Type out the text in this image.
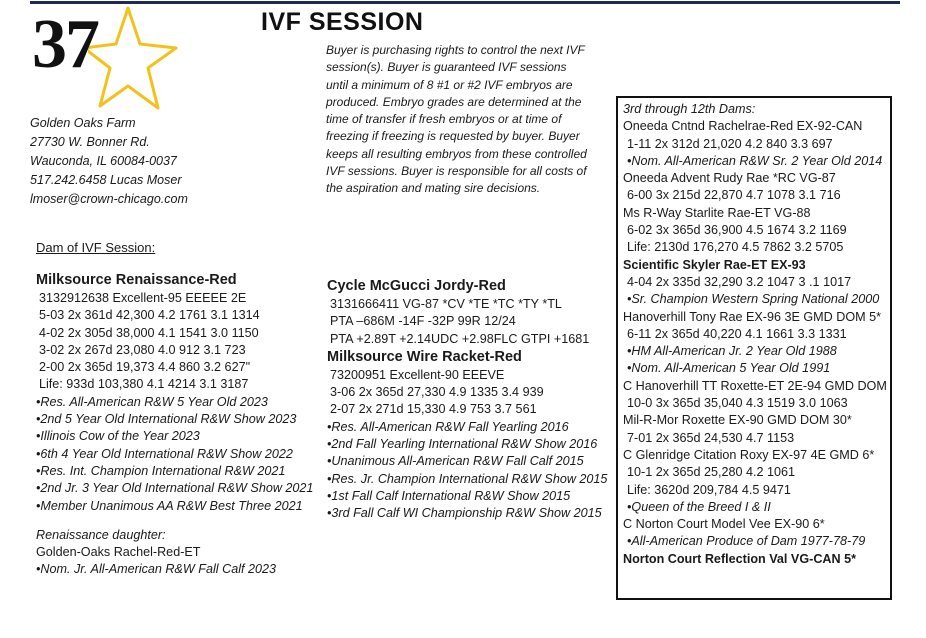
37	IVF SESSION
Golden Oaks Farm
27730 W. Bonner Rd.
Wauconda, IL 60084-0037
517.242.6458 Lucas Moser
lmoser@crown-chicago.com
Buyer is purchasing rights to control the next IVF
session(s). Buyer is guaranteed IVF sessions
until a minimum of 8 #1 or #2 IVF embryos are
produced. Embryo grades are determined at the
time of transfer if fresh embryos or at time of
freezing if freezing is requested by buyer. Buyer
keeps all resulting embryos from these controlled
IVF sessions. Buyer is responsible for all costs of
the aspiration and mating sire decisions.
Dam of IVF Session:
Milksource Renaissance-Red
3132912638 Excellent-95 EEEEE 2E
5-03 2x 361d 42,300 4.2 1761 3.1 1314
4-02 2x 305d 38,000 4.1 1541 3.0 1150
3-02 2x 267d 23,080 4.0 912 3.1 723
2-00 2x 365d 19,373 4.4 860 3.2 627"
Life: 933d 103,380 4.1 4214 3.1 3187
•Res. All-American R&W 5 Year Old 2023
•2nd 5 Year Old International R&W Show 2023
•Illinois Cow of the Year 2023
•6th 4 Year Old International R&W Show 2022
•Res. Int. Champion International R&W 2021
•2nd Jr. 3 Year Old International R&W Show 2021
•Member Unanimous AA R&W Best Three 2021
Renaissance daughter:
Golden-Oaks Rachel-Red-ET
•Nom. Jr. All-American R&W Fall Calf 2023
Cycle McGucci Jordy-Red
3131666411 VG-87 *CV *TE *TC *TY *TL
PTA –686M -14F -32P 99R 12/24
PTA +2.89T +2.14UDC +2.98FLC GTPI +1681
Milksource Wire Racket-Red
73200951 Excellent-90 EEEVE
3-06 2x 365d 27,330 4.9 1335 3.4 939
2-07 2x 271d 15,330 4.9 753 3.7 561
•Res. All-American R&W Fall Yearling 2016
•2nd Fall Yearling International R&W Show 2016
•Unanimous All-American R&W Fall Calf 2015
•Res. Jr. Champion International R&W Show 2015
•1st Fall Calf International R&W Show 2015
•3rd Fall Calf WI Championship R&W Show 2015
3rd through 12th Dams:
Oneeda Cntnd Rachelrae-Red EX-92-CAN
1-11 2x 312d 21,020 4.2 840 3.3 697
•Nom. All-American R&W Sr. 2 Year Old 2014
Oneeda Advent Rudy Rae *RC VG-87
6-00 3x 215d 22,870 4.7 1078 3.1 716
Ms R-Way Starlite Rae-ET VG-88
6-02 3x 365d 36,900 4.5 1674 3.2 1169
Life: 2130d 176,270 4.5 7862 3.2 5705
Scientific Skyler Rae-ET EX-93
4-04 2x 335d 32,290 3.2 1047 3 .1 1017
•Sr. Champion Western Spring National 2000
Hanoverhill Tony Rae EX-96 3E GMD DOM 5*
6-11 2x 365d 40,220 4.1 1661 3.3 1331
•HM All-American Jr. 2 Year Old 1988
•Nom. All-American 5 Year Old 1991
C Hanoverhill TT Roxette-ET 2E-94 GMD DOM
10-0 3x 365d 35,040 4.3 1519 3.0 1063
Mil-R-Mor Roxette EX-90 GMD DOM 30*
7-01 2x 365d 24,530 4.7 1153
C Glenridge Citation Roxy EX-97 4E GMD 6*
10-1 2x 365d 25,280 4.2 1061
Life: 3620d 209,784 4.5 9471
•Queen of the Breed I & II
C Norton Court Model Vee EX-90 6*
•All-American Produce of Dam 1977-78-79
Norton Court Reflection Val VG-CAN 5*
